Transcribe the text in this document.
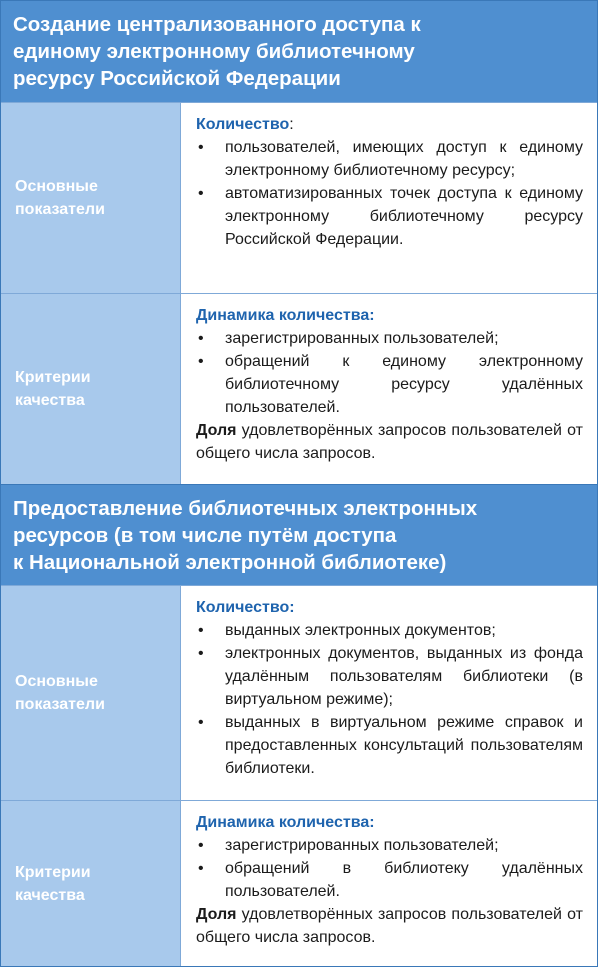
Создание централизованного доступа к
единому электронному библиотечному
ресурсу Российской Федерации
Основные
показатели
Количество:
• пользователей, имеющих доступ к единому электронному библиотечному ресурсу;
• автоматизированных точек доступа к единому электронному библиотечному ресурсу Российской Федерации.
Критерии
качества
Динамика количества:
• зарегистрированных пользователей;
• обращений к единому электронному библиотечному ресурсу удалённых пользователей.
Доля удовлетворённых запросов пользователей от общего числа запросов.
Предоставление библиотечных электронных
ресурсов (в том числе путём доступа
к Национальной электронной библиотеке)
Основные
показатели
Количество:
• выданных электронных документов;
• электронных документов, выданных из фонда удалённым пользователям библиотеки (в виртуальном режиме);
• выданных в виртуальном режиме справок и предоставленных консультаций пользователям библиотеки.
Критерии
качества
Динамика количества:
• зарегистрированных пользователей;
• обращений в библиотеку удалённых пользователей.
Доля удовлетворённых запросов пользователей от общего числа запросов.
